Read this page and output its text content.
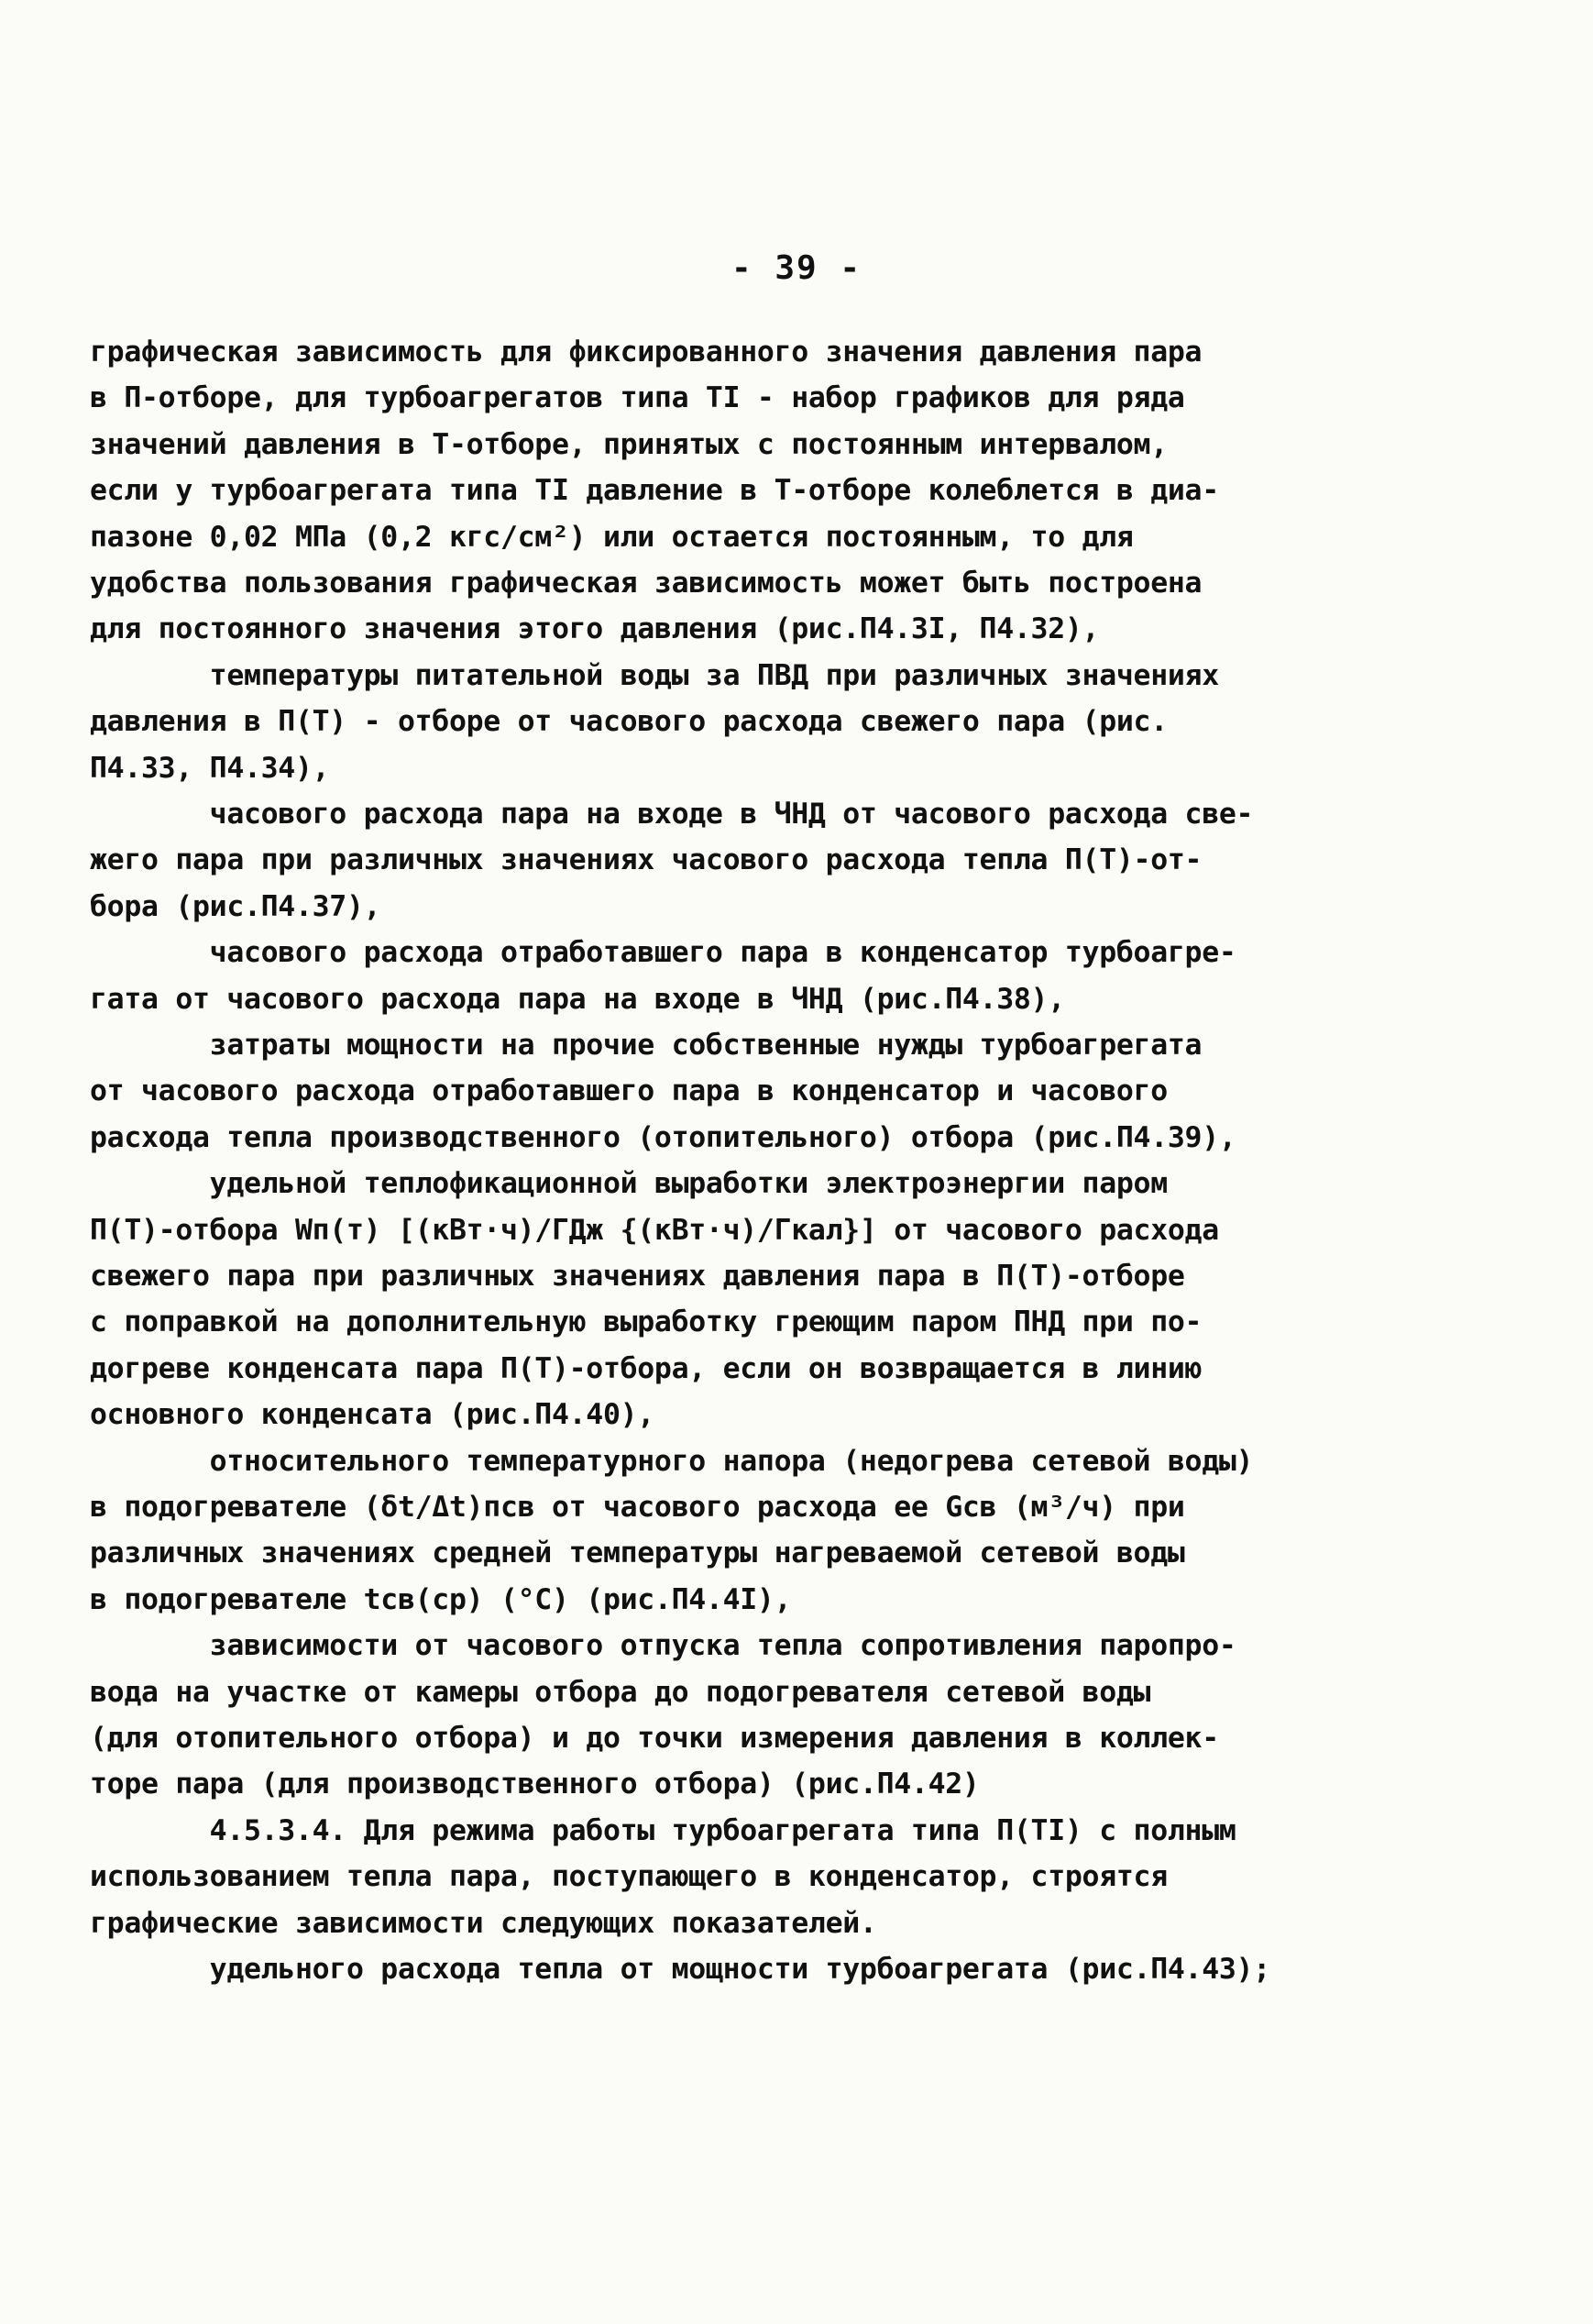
- 39 -
графическая зависимость для фиксированного значения давления пара
в П-отборе, для турбоагрегатов типа ТI - набор графиков для ряда
значений давления в Т-отборе, принятых с постоянным интервалом,
если у турбоагрегата типа ТI давление в Т-отборе колеблется в диа-
пазоне 0,02 МПа (0,2 кгс/см²) или остается постоянным, то для
удобства пользования графическая зависимость может быть построена
для постоянного значения этого давления (рис.П4.3I, П4.32),
температуры питательной воды за ПВД при различных значениях
давления в П(Т) - отборе от часового расхода свежего пара (рис.
П4.33, П4.34),
часового расхода пара на входе в ЧНД от часового расхода све-
жего пара при различных значениях часового расхода тепла П(Т)-от-
бора (рис.П4.37),
часового расхода отработавшего пара в конденсатор турбоагре-
гата от часового расхода пара на входе в ЧНД (рис.П4.38),
затраты мощности на прочие собственные нужды турбоагрегата
от часового расхода отработавшего пара в конденсатор и часового
расхода тепла производственного (отопительного) отбора (рис.П4.39),
удельной теплофикационной выработки электроэнергии паром
П(Т)-отбора Wп(т) [(кВт·ч)/ГДж {(кВт·ч)/Гкал}] от часового расхода
свежего пара при различных значениях давления пара в П(Т)-отборе
с поправкой на дополнительную выработку греющим паром ПНД при по-
догреве конденсата пара П(Т)-отбора, если он возвращается в линию
основного конденсата (рис.П4.40),
относительного температурного напора (недогрева сетевой воды)
в подогревателе (δt/Δt)псв от часового расхода ее Gсв (м³/ч) при
различных значениях средней температуры нагреваемой сетевой воды
в подогревателе tсв(ср) (°С) (рис.П4.4I),
зависимости от часового отпуска тепла сопротивления паропро-
вода на участке от камеры отбора до подогревателя сетевой воды
(для отопительного отбора) и до точки измерения давления в коллек-
торе пара (для производственного отбора) (рис.П4.42)
4.5.3.4. Для режима работы турбоагрегата типа П(ТI) с полным
использованием тепла пара, поступающего в конденсатор, строятся
графические зависимости следующих показателей.
удельного расхода тепла от мощности турбоагрегата (рис.П4.43);
